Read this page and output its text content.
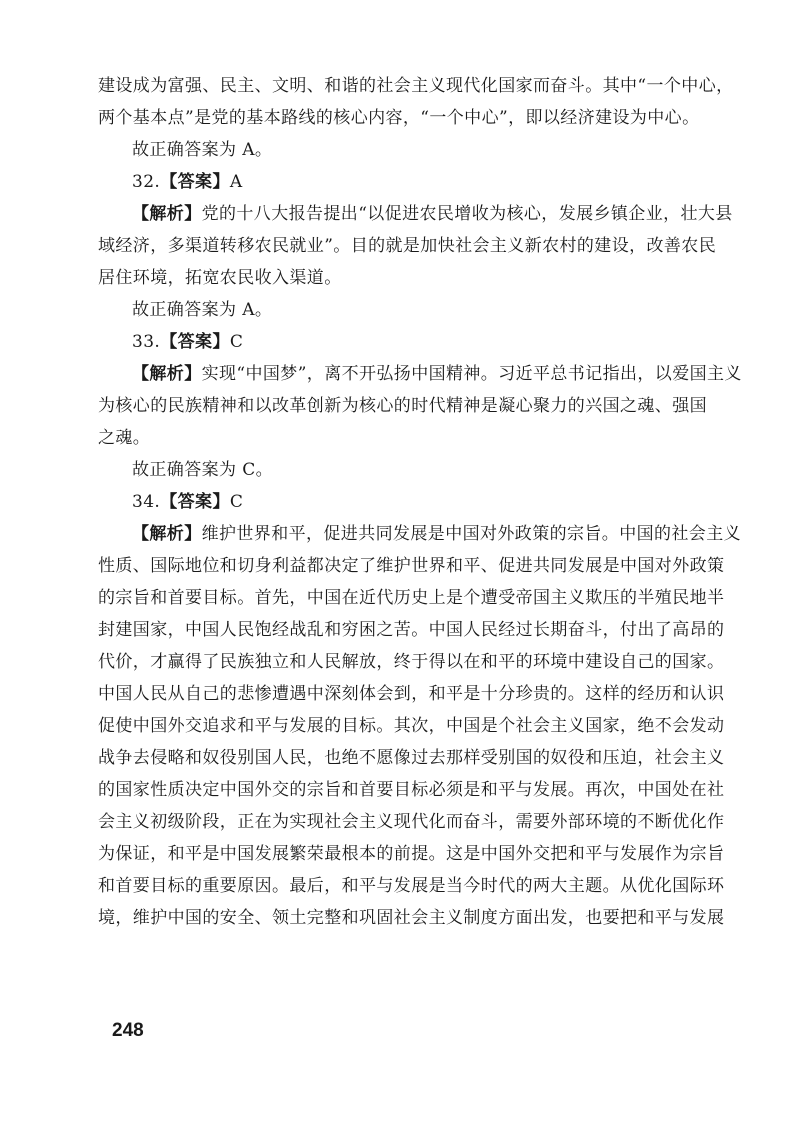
建设成为富强、民主、文明、和谐的社会主义现代化国家而奋斗。其中“一个中心，
两个基本点”是党的基本路线的核心内容，“一个中心”，即以经济建设为中心。
故正确答案为 A。
32.【答案】A
【解析】党的十八大报告提出“以促进农民增收为核心，发展乡镇企业，壮大县
域经济，多渠道转移农民就业”。目的就是加快社会主义新农村的建设，改善农民
居住环境，拓宽农民收入渠道。
故正确答案为 A。
33.【答案】C
【解析】实现“中国梦”，离不开弘扬中国精神。习近平总书记指出，以爱国主义
为核心的民族精神和以改革创新为核心的时代精神是凝心聚力的兴国之魂、强国
之魂。
故正确答案为 C。
34.【答案】C
【解析】维护世界和平，促进共同发展是中国对外政策的宗旨。中国的社会主义
性质、国际地位和切身利益都决定了维护世界和平、促进共同发展是中国对外政策
的宗旨和首要目标。首先，中国在近代历史上是个遭受帝国主义欺压的半殖民地半
封建国家，中国人民饱经战乱和穷困之苦。中国人民经过长期奋斗，付出了高昂的
代价，才赢得了民族独立和人民解放，终于得以在和平的环境中建设自己的国家。
中国人民从自己的悲惨遭遇中深刻体会到，和平是十分珍贵的。这样的经历和认识
促使中国外交追求和平与发展的目标。其次，中国是个社会主义国家，绝不会发动
战争去侵略和奴役别国人民，也绝不愿像过去那样受别国的奴役和压迫，社会主义
的国家性质决定中国外交的宗旨和首要目标必须是和平与发展。再次，中国处在社
会主义初级阶段，正在为实现社会主义现代化而奋斗，需要外部环境的不断优化作
为保证，和平是中国发展繁荣最根本的前提。这是中国外交把和平与发展作为宗旨
和首要目标的重要原因。最后，和平与发展是当今时代的两大主题。从优化国际环
境，维护中国的安全、领土完整和巩固社会主义制度方面出发，也要把和平与发展
248
